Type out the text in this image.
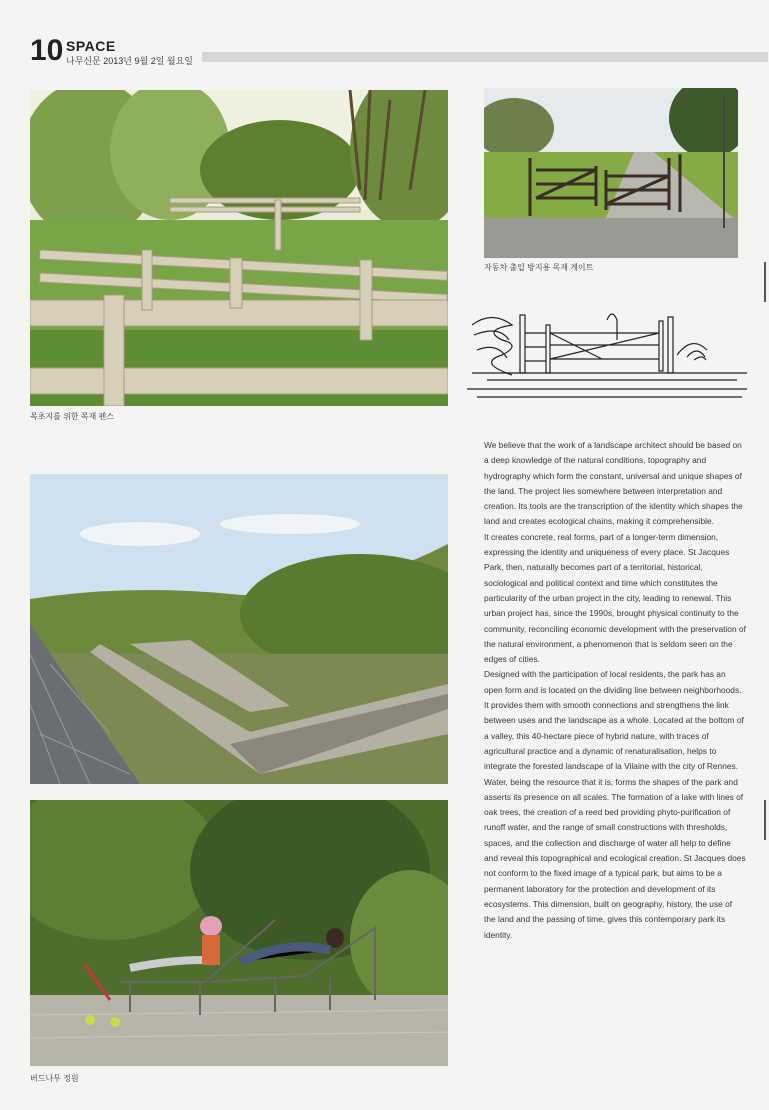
10 SPACE
나무신문 2013년 9월 2일 월요일
목초지를 위한 목재 펜스
자동차 출입 방지용 목재 게이트
버드나무 정원

We believe that the work of a landscape architect should be based on a deep knowledge of the natural conditions, topography and hydrography which form the constant, universal and unique shapes of the land. The project lies somewhere between interpretation and creation. Its tools are the transcription of the identity which shapes the land and creates ecological chains, making it comprehensible.

It creates concrete, real forms, part of a longer-term dimension, expressing the identity and uniqueness of every place. St Jacques Park, then, naturally becomes part of a territorial, historical, sociological and political context and time which constitutes the particularity of the urban project in the city, leading to renewal. This urban project has, since the 1990s, brought physical continuity to the community, reconciling economic development with the preservation of the natural environment, a phenomenon that is seldom seen on the edges of cities.

Designed with the participation of local residents, the park has an open form and is located on the dividing line between neighborhoods. It provides them with smooth connections and strengthens the link between uses and the landscape as a whole. Located at the bottom of a valley, this 40-hectare piece of hybrid nature, with traces of agricultural practice and a dynamic of renaturalisation, helps to integrate the forested landscape of la Vilaine with the city of Rennes.

Water, being the resource that it is, forms the shapes of the park and asserts its presence on all scales. The formation of a lake with lines of oak trees, the creation of a reed bed providing phyto-purification of runoff water, and the range of small constructions with thresholds, spaces, and the collection and discharge of water all help to define and reveal this topographical and ecological creation. St Jacques does not conform to the fixed image of a typical park, but aims to be a permanent laboratory for the protection and development of its ecosystems. This dimension, built on geography, history, the use of the land and the passing of time, gives this contemporary park its identity.
